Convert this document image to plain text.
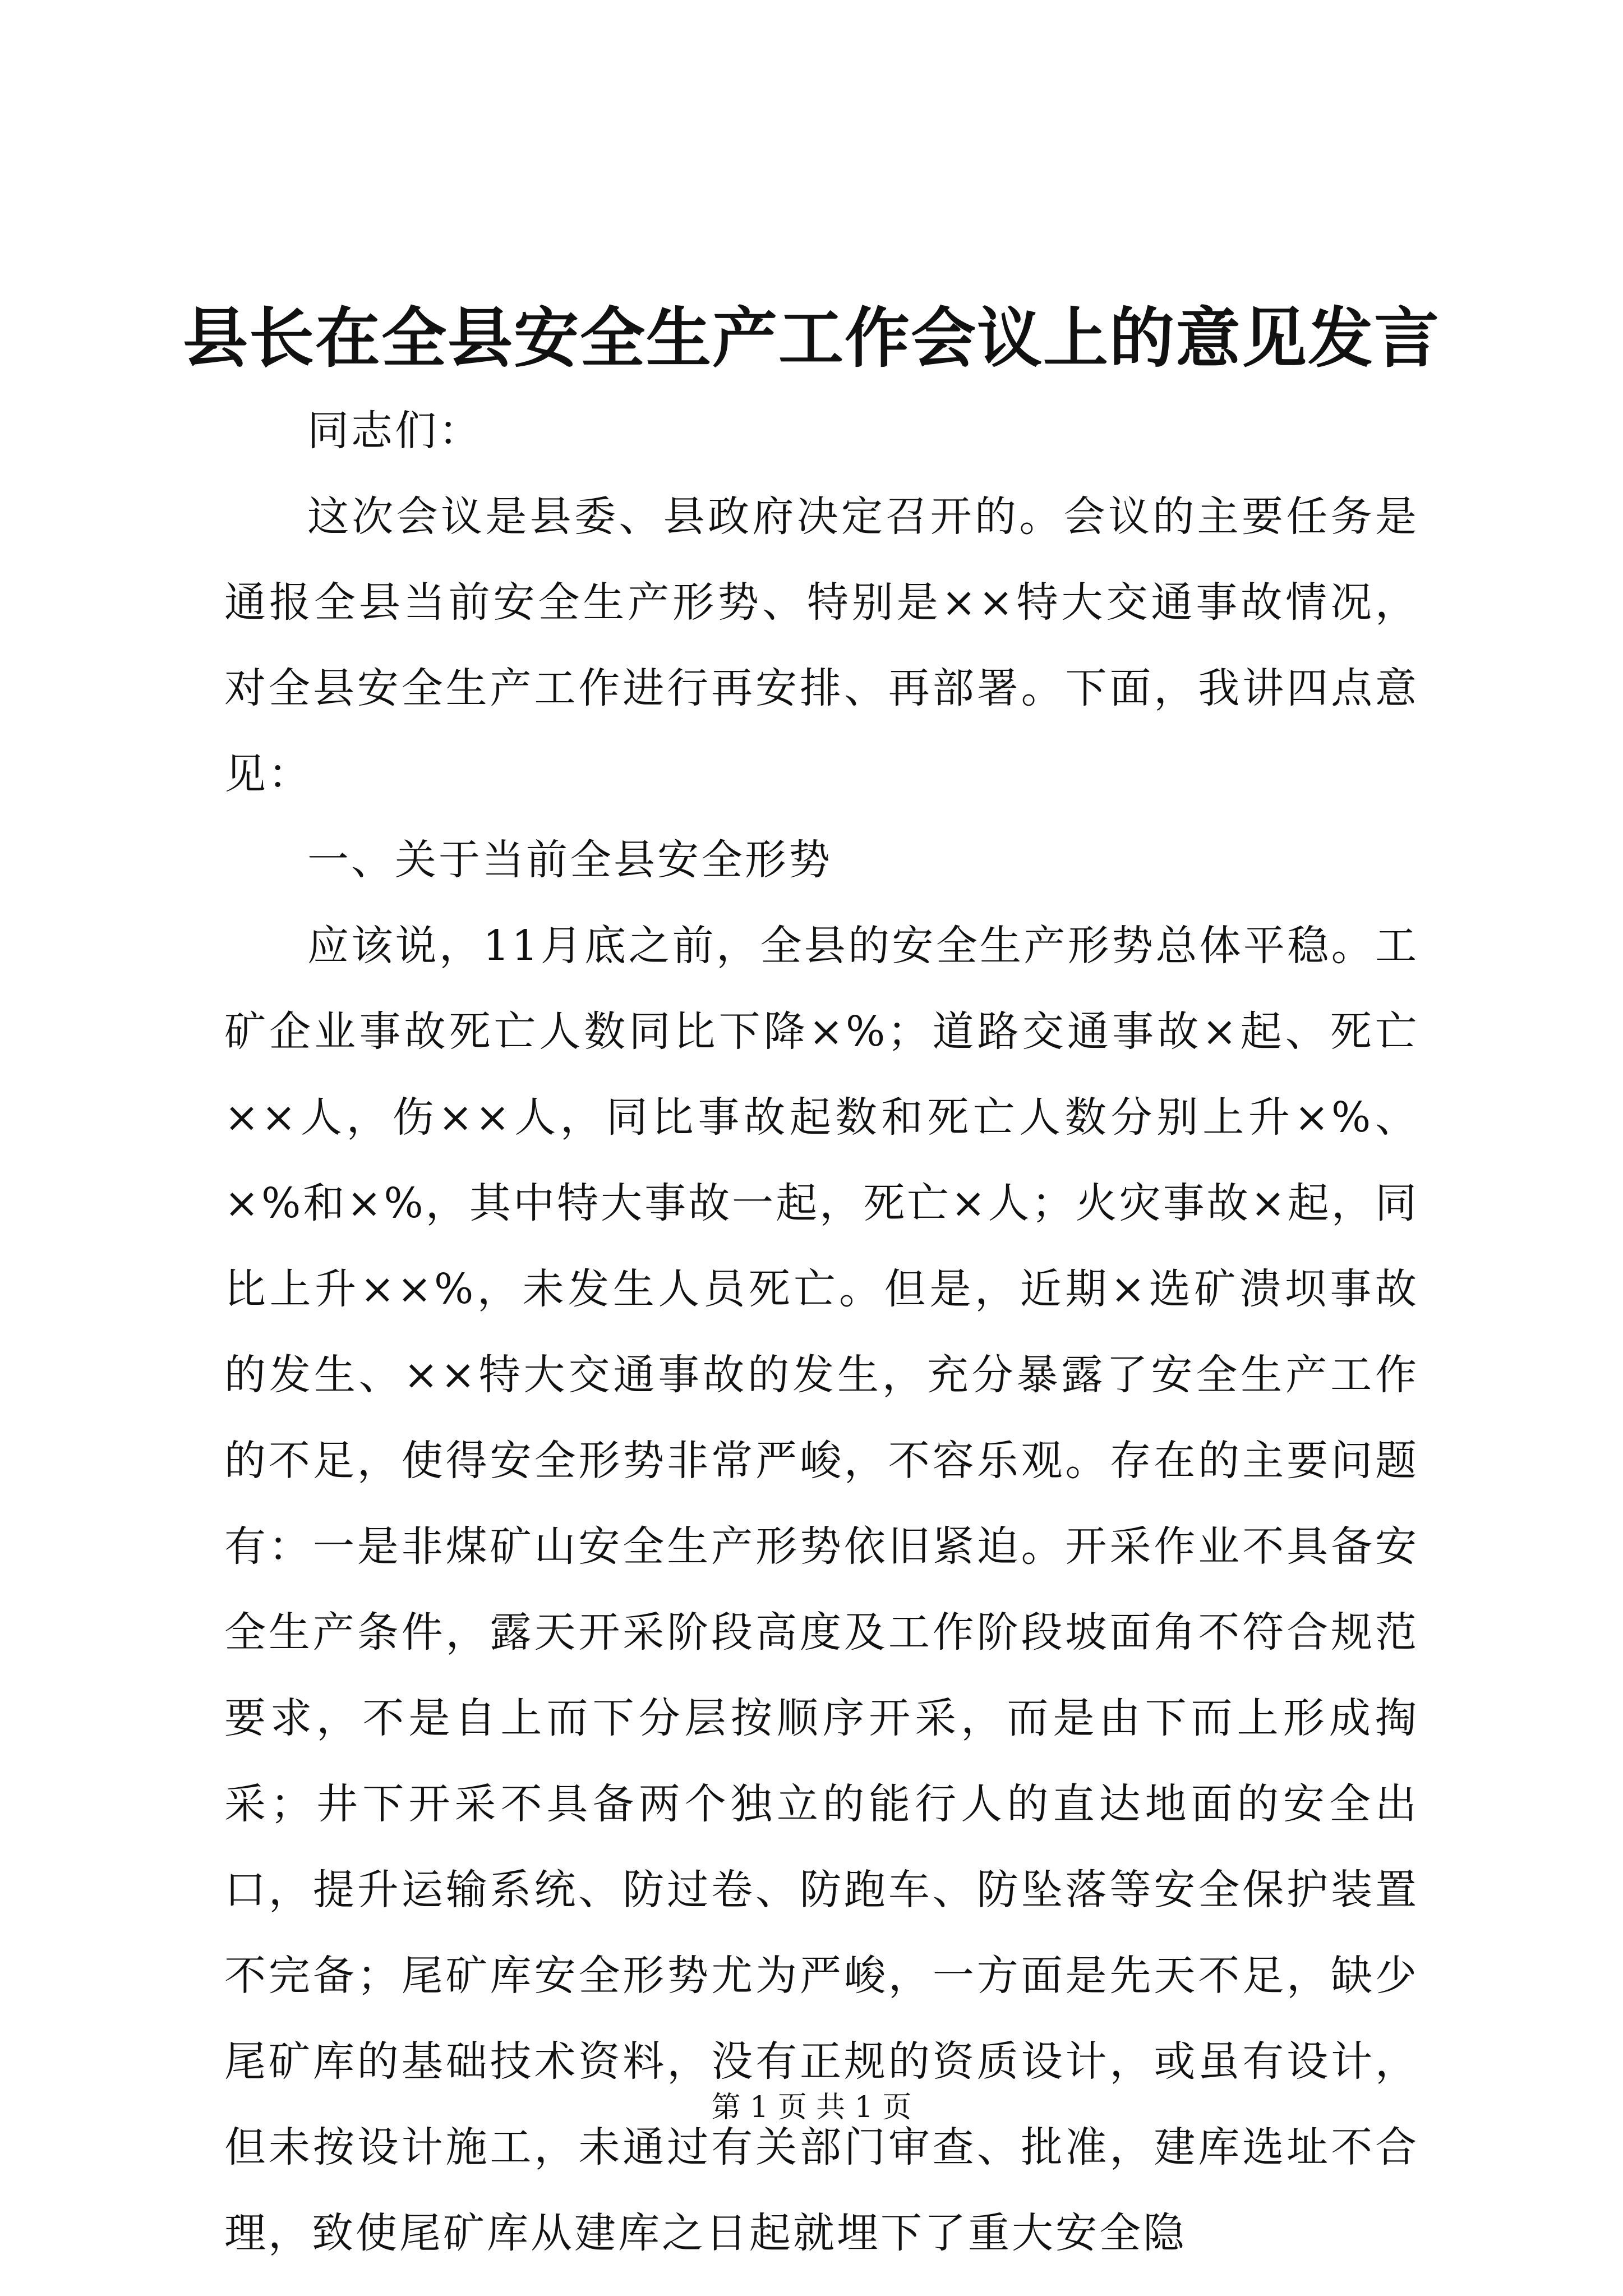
县长在全县安全生产工作会议上的意见发言

同志们：

这次会议是县委、县政府决定召开的。会议的主要任务是通报全县当前安全生产形势、特别是××特大交通事故情况，对全县安全生产工作进行再安排、再部署。下面，我讲四点意见：

一、关于当前全县安全形势

应该说，11月底之前，全县的安全生产形势总体平稳。工矿企业事故死亡人数同比下降×%；道路交通事故×起、死亡××人，伤××人，同比事故起数和死亡人数分别上升×%、×%和×%，其中特大事故一起，死亡×人；火灾事故×起，同比上升××%，未发生人员死亡。但是，近期×选矿溃坝事故的发生、××特大交通事故的发生，充分暴露了安全生产工作的不足，使得安全形势非常严峻，不容乐观。存在的主要问题有：一是非煤矿山安全生产形势依旧紧迫。开采作业不具备安全生产条件，露天开采阶段高度及工作阶段坡面角不符合规范要求，不是自上而下分层按顺序开采，而是由下而上形成掏采；井下开采不具备两个独立的能行人的直达地面的安全出口，提升运输系统、防过卷、防跑车、防坠落等安全保护装置不完备；尾矿库安全形势尤为严峻，一方面是先天不足，缺少尾矿库的基础技术资料，没有正规的资质设计，或虽有设计，但未按设计施工，未通过有关部门审查、批准，建库选址不合理，致使尾矿库从建库之日起就埋下了重大安全隐

第 1 页 共 1 页
